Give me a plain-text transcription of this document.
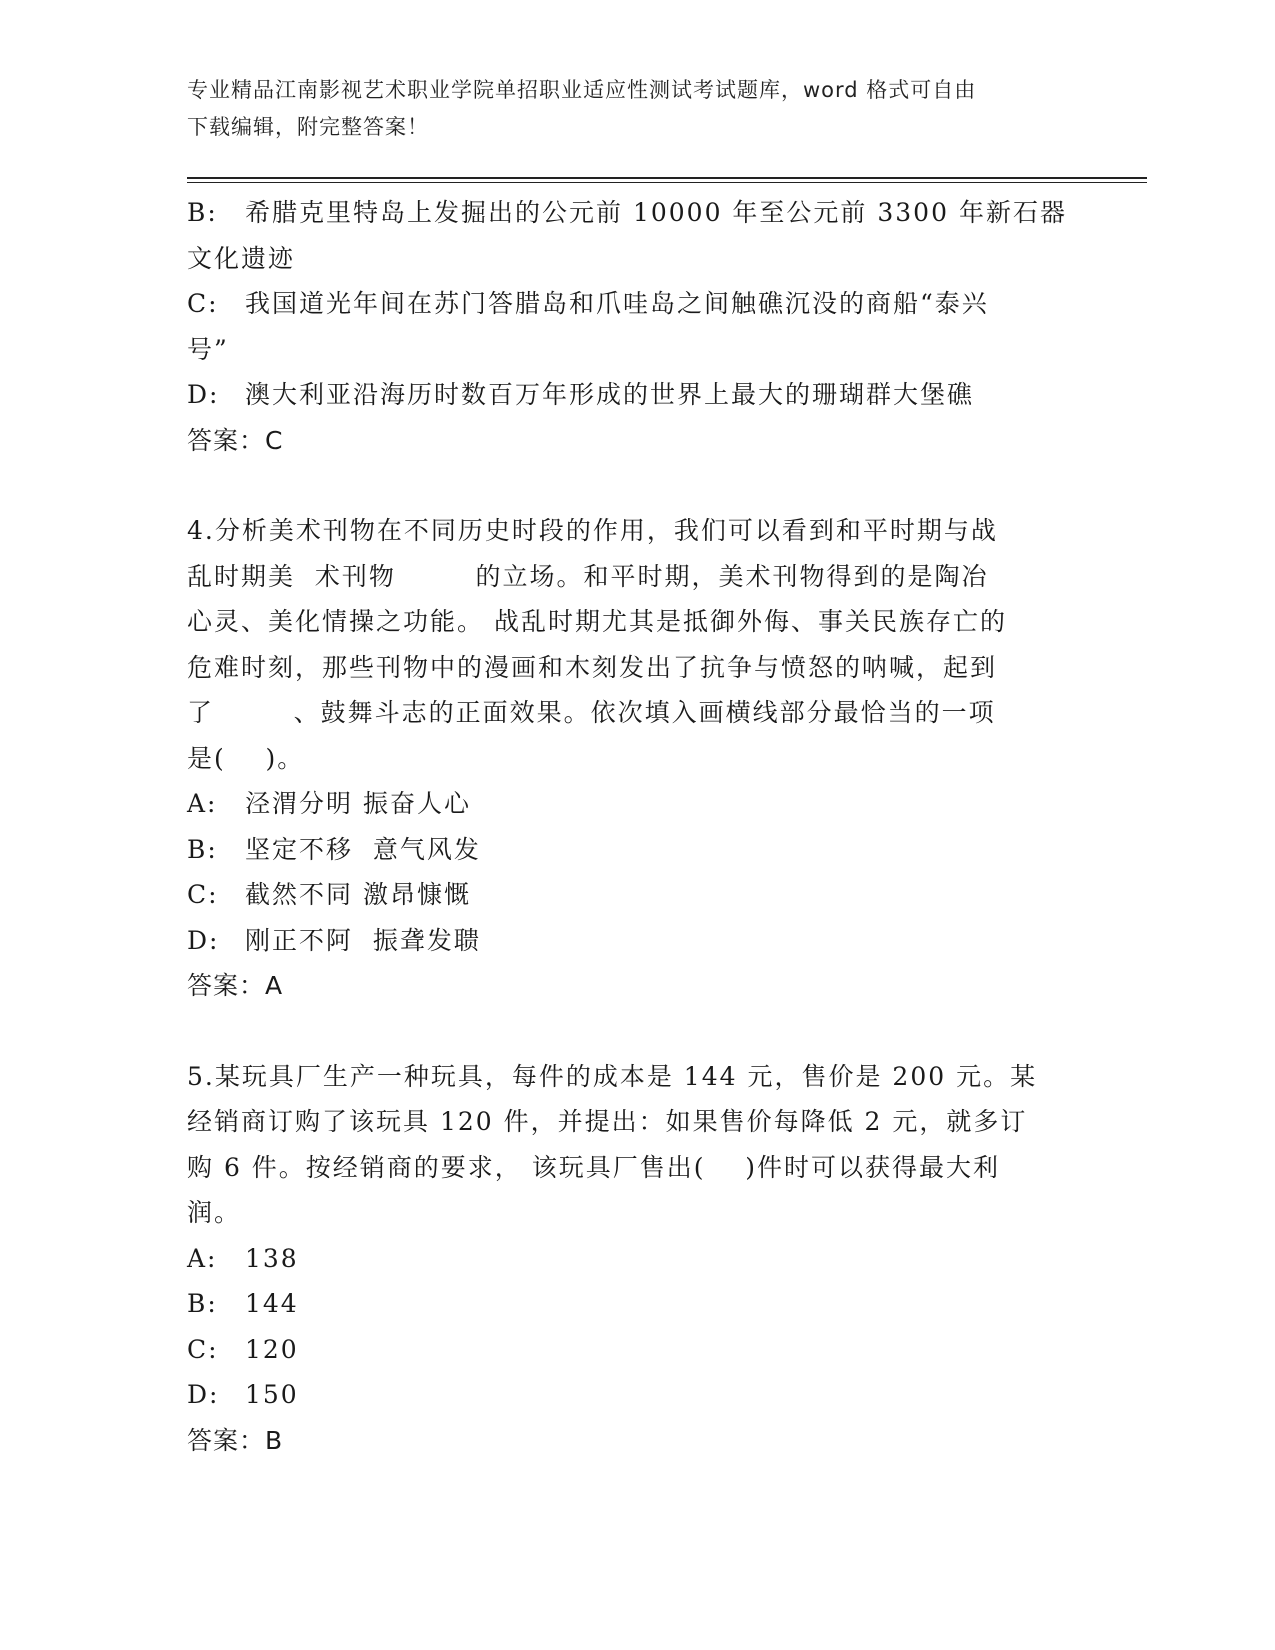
专业精品江南影视艺术职业学院单招职业适应性测试考试题库，word 格式可自由
下载编辑，附完整答案！
B:	希腊克里特岛上发掘出的公元前 10000 年至公元前 3300 年新石器
文化遗迹
C:	我国道光年间在苏门答腊岛和爪哇岛之间触礁沉没的商船“泰兴
号”
D:	澳大利亚沿海历时数百万年形成的世界上最大的珊瑚群大堡礁
答案：C
4.分析美术刊物在不同历史时段的作用，我们可以看到和平时期与战
乱时期美  术刊物        的立场。和平时期，美术刊物得到的是陶冶
心灵、美化情操之功能。 战乱时期尤其是抵御外侮、事关民族存亡的
危难时刻，那些刊物中的漫画和木刻发出了抗争与愤怒的呐喊，起到
了        、鼓舞斗志的正面效果。依次填入画横线部分最恰当的一项
是(    )。
A:	泾渭分明 振奋人心
B:	坚定不移  意气风发
C:	截然不同 激昂慷慨
D:	刚正不阿  振聋发聩
答案：A
5.某玩具厂生产一种玩具，每件的成本是 144 元，售价是 200 元。某
经销商订购了该玩具 120 件，并提出：如果售价每降低 2 元，就多订
购 6 件。按经销商的要求， 该玩具厂售出(    )件时可以获得最大利
润。
A:	138
B:	144
C:	120
D:	150
答案：B
